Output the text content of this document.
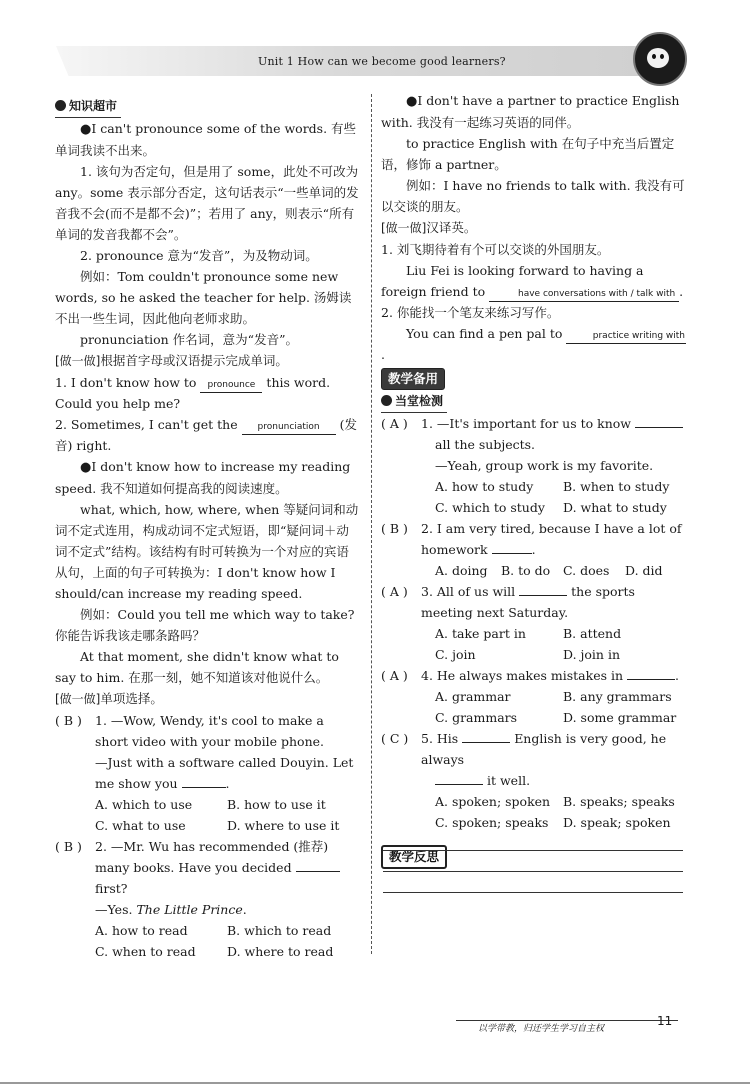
Unit 1 How can we become good learners?

知识超市

●I can't pronounce some of the words. 有些单词我读不出来。

1. 该句为否定句，但是用了 some，此处不可改为 any。some 表示部分否定，这句话表示“一些单词的发音我不会(而不是都不会)”；若用了 any，则表示“所有单词的发音我都不会”。

2. pronounce 意为“发音”，为及物动词。

例如：Tom couldn't pronounce some new words, so he asked the teacher for help. 汤姆读不出一些生词，因此他向老师求助。

pronunciation 作名词，意为“发音”。

[做一做]根据首字母或汉语提示完成单词。

1. I don't know how to pronounce this word. Could you help me?

2. Sometimes, I can't get the pronunciation (发音) right.

●I don't know how to increase my reading speed. 我不知道如何提高我的阅读速度。

what, which, how, where, when 等疑问词和动词不定式连用，构成动词不定式短语，即“疑问词＋动词不定式”结构。该结构有时可转换为一个对应的宾语从句，上面的句子可转换为：I don't know how I should/can increase my reading speed.

例如：Could you tell me which way to take? 你能告诉我该走哪条路吗？

At that moment, she didn't know what to say to him. 在那一刻，她不知道该对他说什么。

[做一做]单项选择。

( B )	1. —Wow, Wendy, it's cool to make a short video with your mobile phone.

—Just with a software called Douyin. Let me show you	.

A. which to use	B. how to use it
C. what to use	D. where to use it
( B )	2. —Mr. Wu has recommended (推荐) many books. Have you decided  first?

—Yes. The Little Prince.

A. how to read	B. which to read
C. when to read	D. where to read

●I don't have a partner to practice English with. 我没有一起练习英语的同伴。

to practice English with 在句子中充当后置定语，修饰 a partner。

例如：I have no friends to talk with. 我没有可以交谈的朋友。

[做一做]汉译英。

1. 刘飞期待着有个可以交谈的外国朋友。

Liu Fei is looking forward to having a foreign friend to	have conversations with / talk with .

2. 你能找一个笔友来练习写作。

You can find a pen pal to	practice writing with.

教学备用

当堂检测

( A )	1. —It's important for us to know

all the subjects.

—Yeah, group work is my favorite.

A. how to study	B. when to study
C. which to study	D. what to study
( B )	2. I am very tired, because I have a lot of homework	.

A. doing	B. to do	C. does	D. did
( A )	3. All of us will	the sports meeting next Saturday.

A. take part in	B. attend
C. join	D. join in
( A )	4. He always makes mistakes in	.

A. grammar	B. any grammars
C. grammars	D. some grammar
( C )	5. His	English is very good, he always

it well.

A. spoken; spoken	B. speaks; speaks
C. spoken; speaks	D. speak; spoken

教学反思

以学带教，归还学生学习自主权
11
